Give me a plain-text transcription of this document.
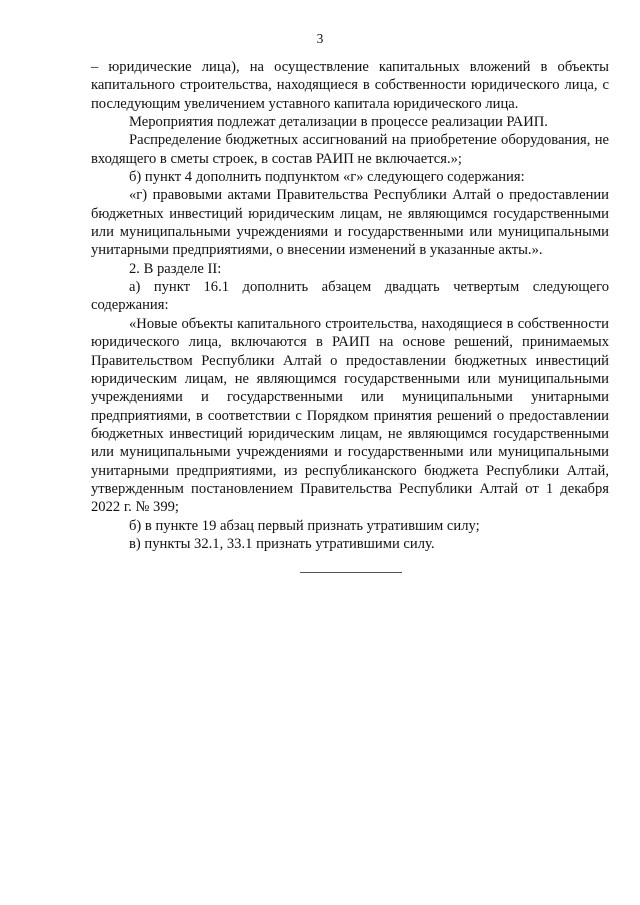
3

– юридические лица), на осуществление капитальных вложений в объекты капитального строительства, находящиеся в собственности юридического лица, с последующим увеличением уставного капитала юридического лица.

Мероприятия подлежат детализации в процессе реализации РАИП.

Распределение бюджетных ассигнований на приобретение оборудования, не входящего в сметы строек, в состав РАИП не включается.»;

б) пункт 4 дополнить подпунктом «г» следующего содержания:

«г) правовыми актами Правительства Республики Алтай о предоставлении бюджетных инвестиций юридическим лицам, не являющимся государственными или муниципальными учреждениями и государственными или муниципальными унитарными предприятиями, о внесении изменений в указанные акты.».

2. В разделе II:

а) пункт 16.1 дополнить абзацем двадцать четвертым следующего содержания:

«Новые объекты капитального строительства, находящиеся в собственности юридического лица, включаются в РАИП на основе решений, принимаемых Правительством Республики Алтай о предоставлении бюджетных инвестиций юридическим лицам, не являющимся государственными или муниципальными учреждениями и государственными или муниципальными унитарными предприятиями, в соответствии с Порядком принятия решений о предоставлении бюджетных инвестиций юридическим лицам, не являющимся государственными или муниципальными учреждениями и государственными или муниципальными унитарными предприятиями, из республиканского бюджета Республики Алтай, утвержденным постановлением Правительства Республики Алтай от 1 декабря 2022 г. № 399;

б) в пункте 19 абзац первый признать утратившим силу;

в) пункты 32.1, 33.1 признать утратившими силу.
